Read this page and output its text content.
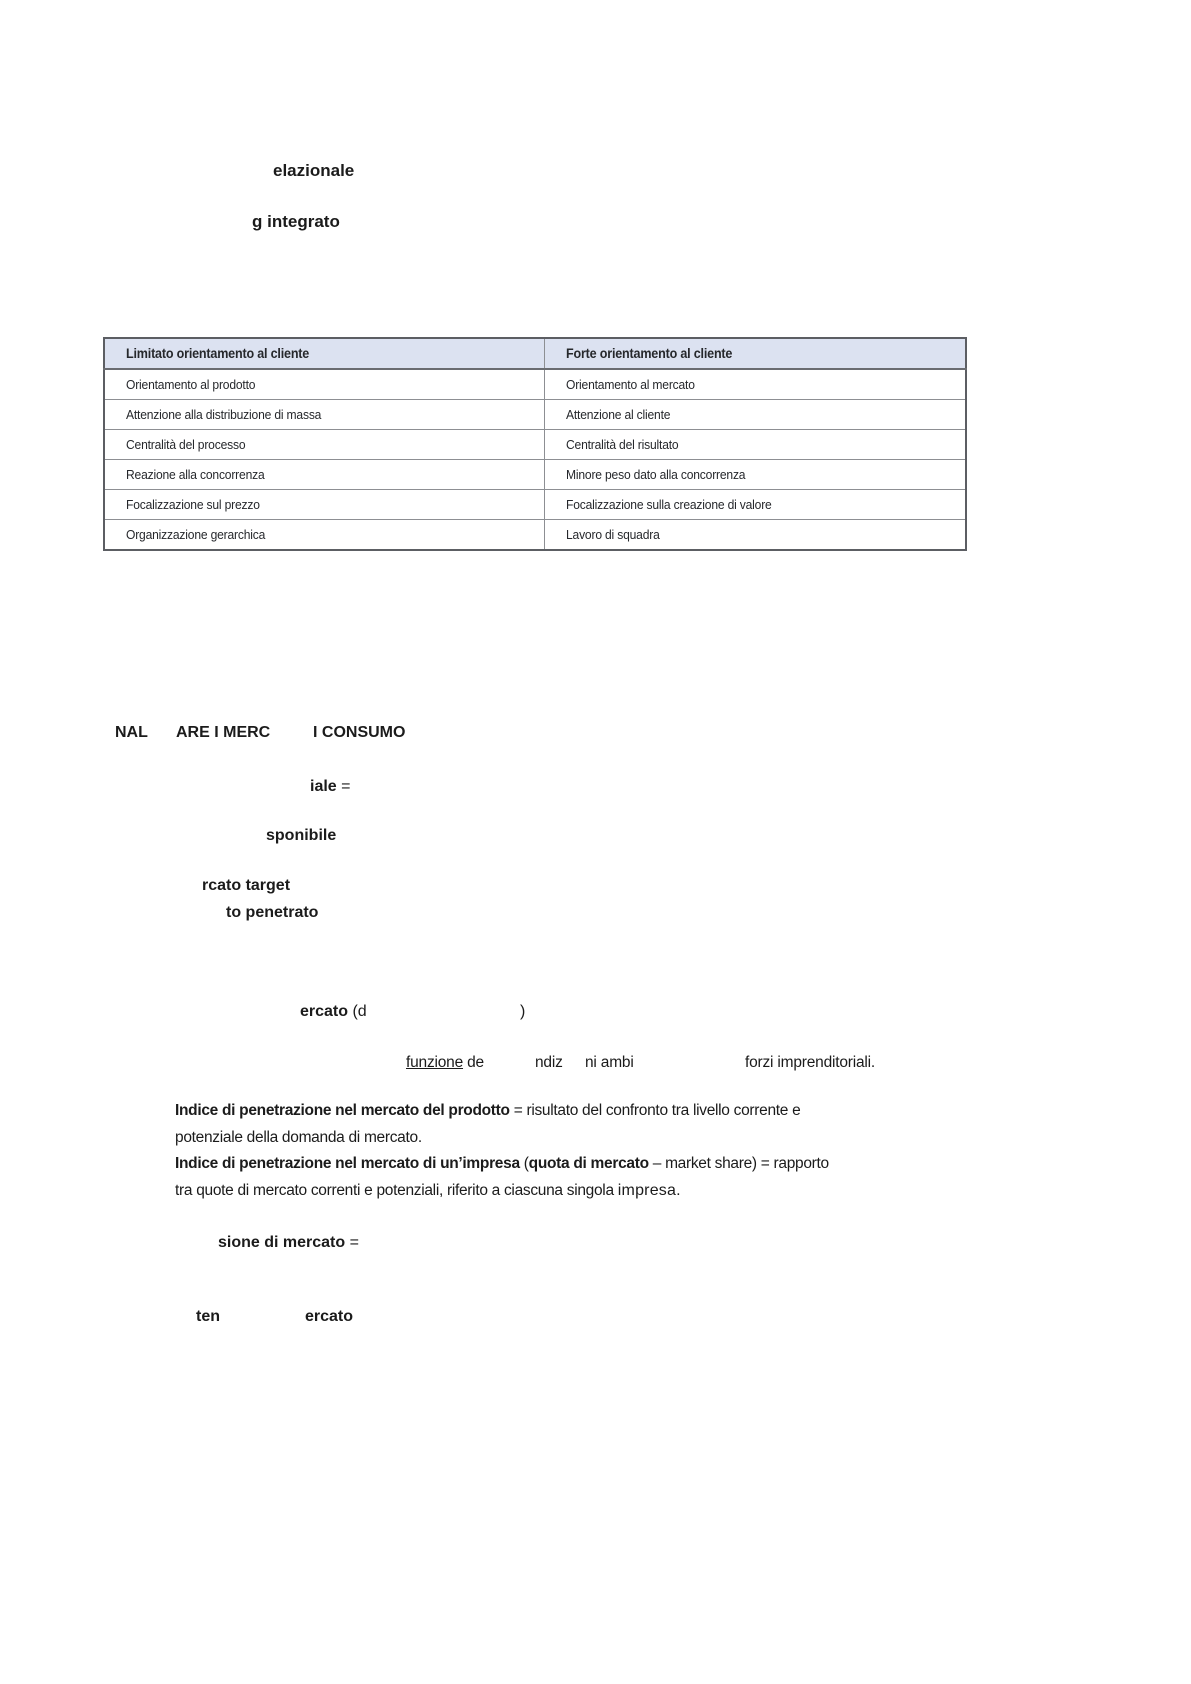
elazionale
g integrato
Limitato orientamento al cliente	Forte orientamento al cliente
Orientamento al prodotto	Orientamento al mercato
Attenzione alla distribuzione di massa	Attenzione al cliente
Centralità del processo	Centralità del risultato
Reazione alla concorrenza	Minore peso dato alla concorrenza
Focalizzazione sul prezzo	Focalizzazione sulla creazione di valore
Organizzazione gerarchica	Lavoro di squadra
NAL ARE I MERC	I CONSUMO
iale =
sponibile
rcato target
to penetrato
ercato (d	)
funzione de	ndiz ni ambi	forzi imprenditoriali.
Indice di penetrazione nel mercato del prodotto = risultato del confronto tra livello corrente e
potenziale della domanda di mercato.
Indice di penetrazione nel mercato di un’impresa (quota di mercato – market share) = rapporto
tra quote di mercato correnti e potenziali, riferito a ciascuna singola impresa.
sione di mercato =
ten	ercato
